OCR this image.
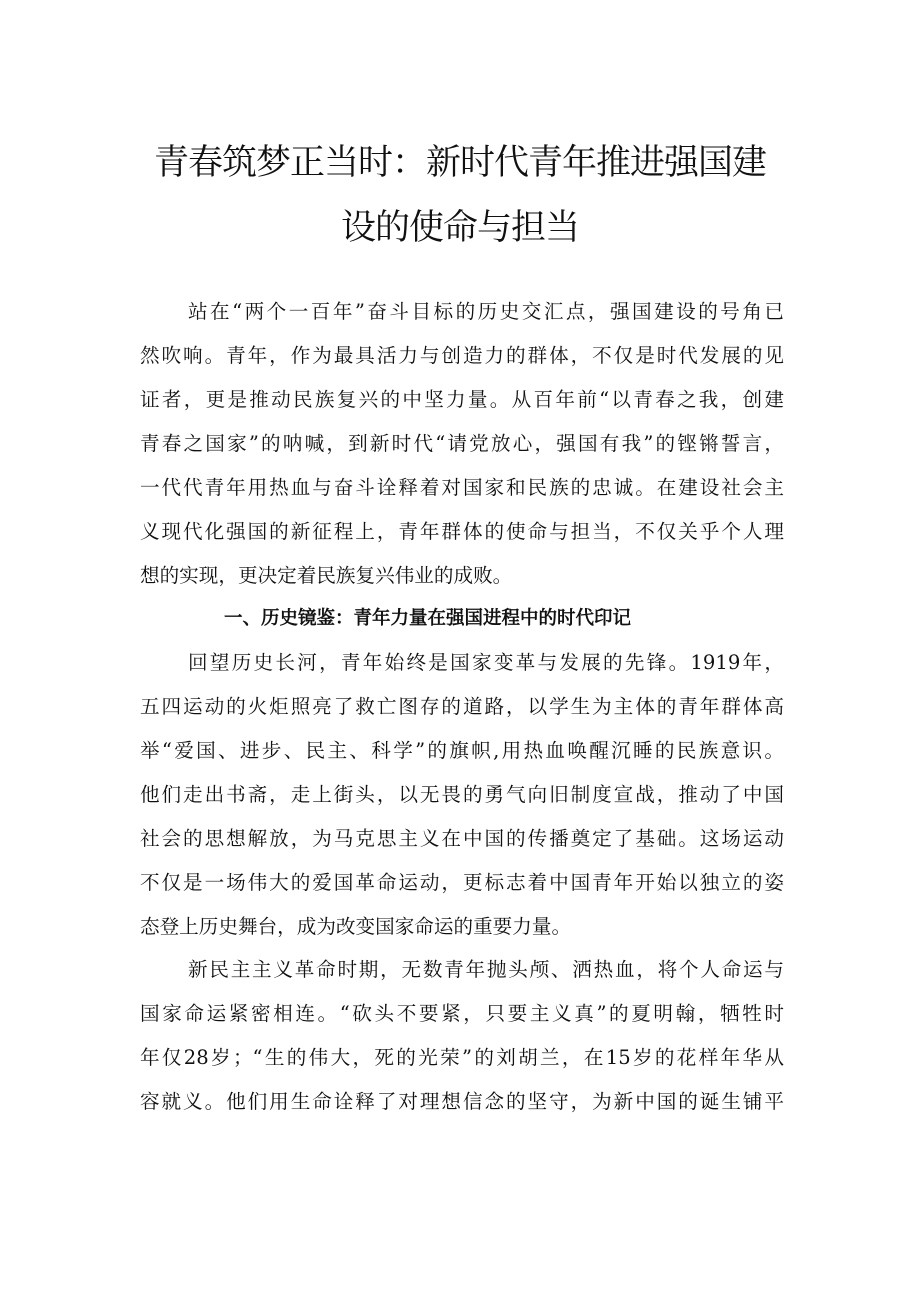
青春筑梦正当时：新时代青年推进强国建
设的使命与担当
站在“两个一百年”奋斗目标的历史交汇点，强国建设的号角已
然吹响。青年，作为最具活力与创造力的群体，不仅是时代发展的见
证者，更是推动民族复兴的中坚力量。从百年前“以青春之我，创建
青春之国家”的呐喊，到新时代“请党放心，强国有我”的铿锵誓言，
一代代青年用热血与奋斗诠释着对国家和民族的忠诚。在建设社会主
义现代化强国的新征程上，青年群体的使命与担当，不仅关乎个人理
想的实现，更决定着民族复兴伟业的成败。
一、历史镜鉴：青年力量在强国进程中的时代印记
回望历史长河，青年始终是国家变革与发展的先锋。1919年，
五四运动的火炬照亮了救亡图存的道路，以学生为主体的青年群体高
举“爱国、进步、民主、科学”的旗帜,用热血唤醒沉睡的民族意识。
他们走出书斋，走上街头，以无畏的勇气向旧制度宣战，推动了中国
社会的思想解放，为马克思主义在中国的传播奠定了基础。这场运动
不仅是一场伟大的爱国革命运动，更标志着中国青年开始以独立的姿
态登上历史舞台，成为改变国家命运的重要力量。
新民主主义革命时期，无数青年抛头颅、洒热血，将个人命运与
国家命运紧密相连。“砍头不要紧，只要主义真”的夏明翰，牺牲时
年仅28岁；“生的伟大，死的光荣”的刘胡兰，在15岁的花样年华从
容就义。他们用生命诠释了对理想信念的坚守，为新中国的诞生铺平
